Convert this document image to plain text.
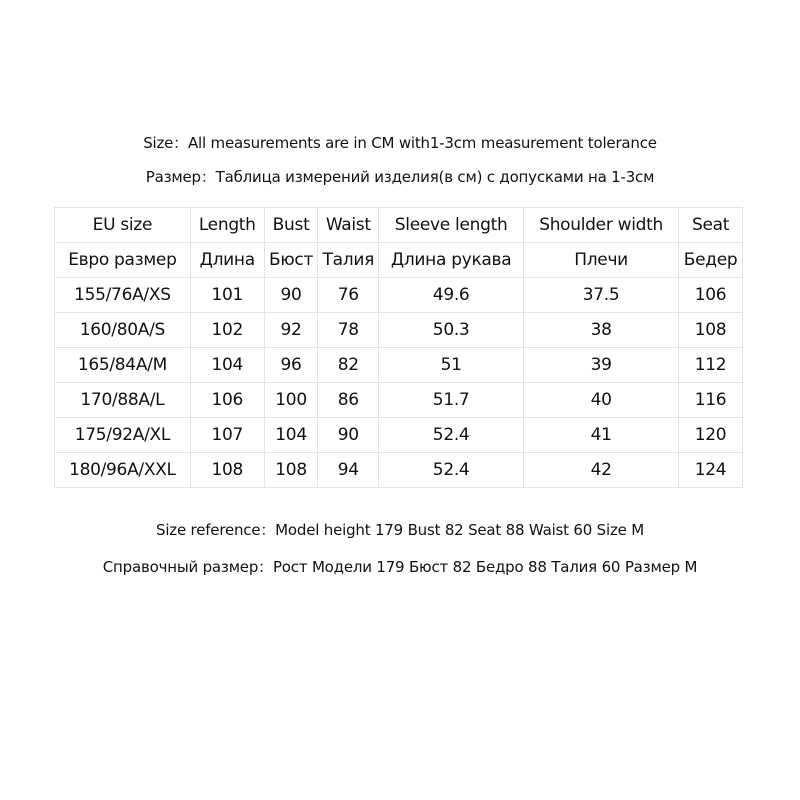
Size：All measurements are in CM with1-3cm measurement tolerance
Размер：Таблица измерений изделия(в см) с допусками на 1-3см
EU size	Length	Bust	Waist	Sleeve length	Shoulder width	Seat
Евро размер	Длина	Бюст	Талия	Длина рукава	Плечи	Бедер
155/76A/XS	101	90	76	49.6	37.5	106
160/80A/S	102	92	78	50.3	38	108
165/84A/M	104	96	82	51	39	112
170/88A/L	106	100	86	51.7	40	116
175/92A/XL	107	104	90	52.4	41	120
180/96A/XXL	108	108	94	52.4	42	124
Size reference：Model height 179 Bust 82 Seat 88 Waist 60 Size M
Справочный размер：Рост Модели 179 Бюст 82 Бедро 88 Талия 60 Размер М
